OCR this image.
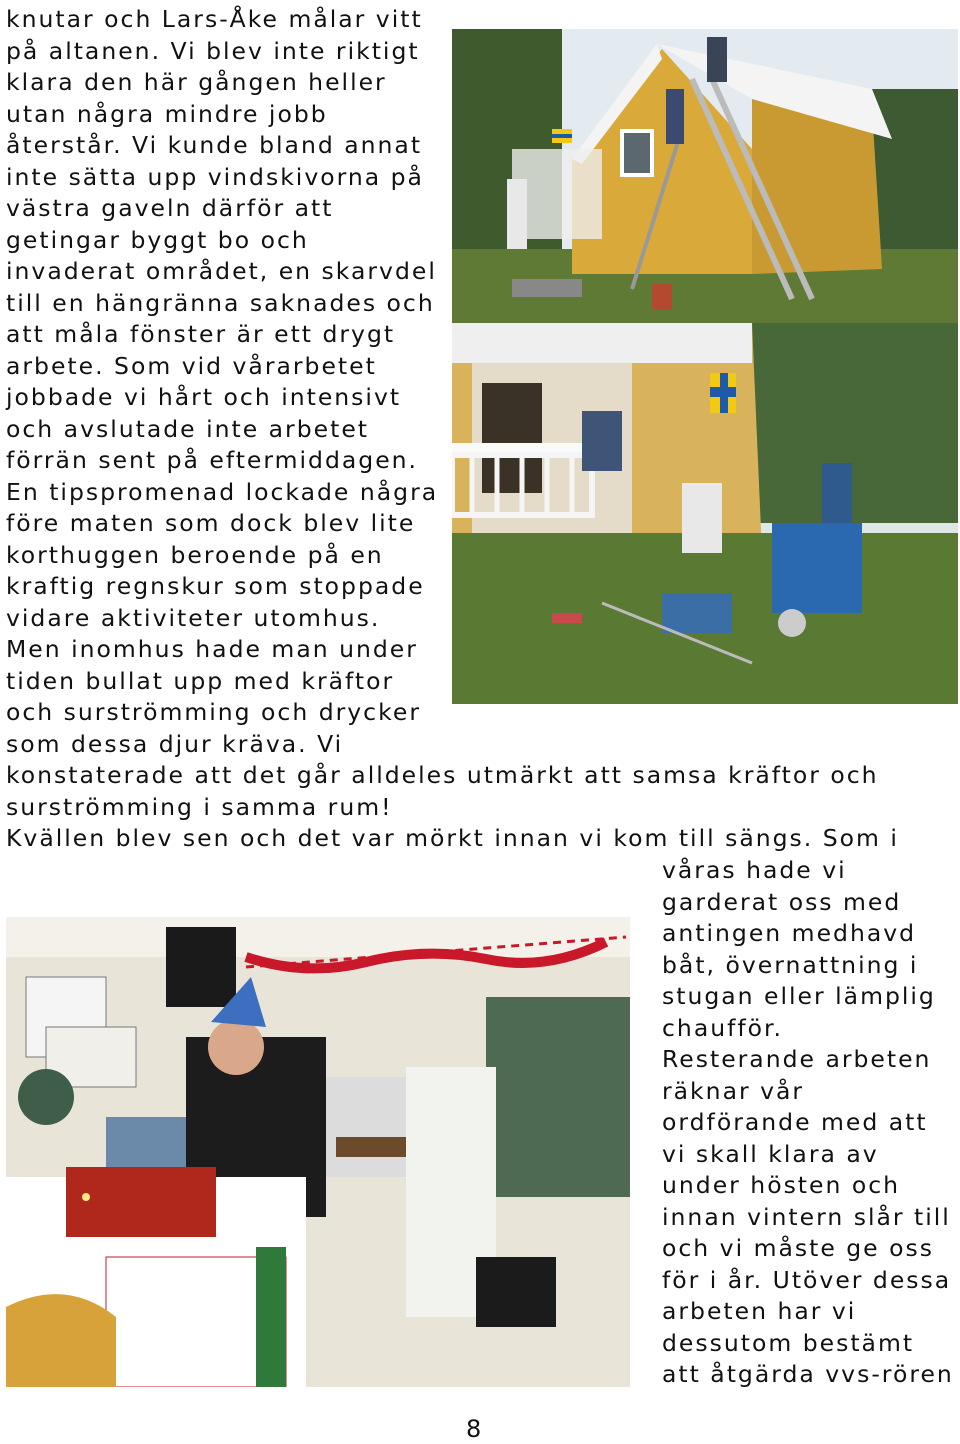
knutar och Lars-Åke målar vitt
på altanen. Vi blev inte riktigt
klara den här gången heller
utan några mindre jobb
återstår. Vi kunde bland annat
inte sätta upp vindskivorna på
västra gaveln därför att
getingar byggt bo och
invaderat området, en skarvdel
till en hängränna saknades och
att måla fönster är ett drygt
arbete. Som vid vårarbetet
jobbade vi hårt och intensivt
och avslutade inte arbetet
förrän sent på eftermiddagen.
En tipspromenad lockade några
före maten som dock blev lite
korthuggen beroende på en
kraftig regnskur som stoppade
vidare aktiviteter utomhus.
Men inomhus hade man under
tiden bullat upp med kräftor
och surströmming och drycker
som dessa djur kräva. Vi
konstaterade att det går alldeles utmärkt att samsa kräftor och
surströmming i samma rum!
Kvällen blev sen och det var mörkt innan vi kom till sängs. Som i
våras hade vi
garderat oss med
antingen medhavd
båt, övernattning i
stugan eller lämplig
chaufför.
Resterande arbeten
räknar vår
ordförande med att
vi skall klara av
under hösten och
innan vintern slår till
och vi måste ge oss
för i år. Utöver dessa
arbeten har vi
dessutom bestämt
att åtgärda vvs-rören
8
